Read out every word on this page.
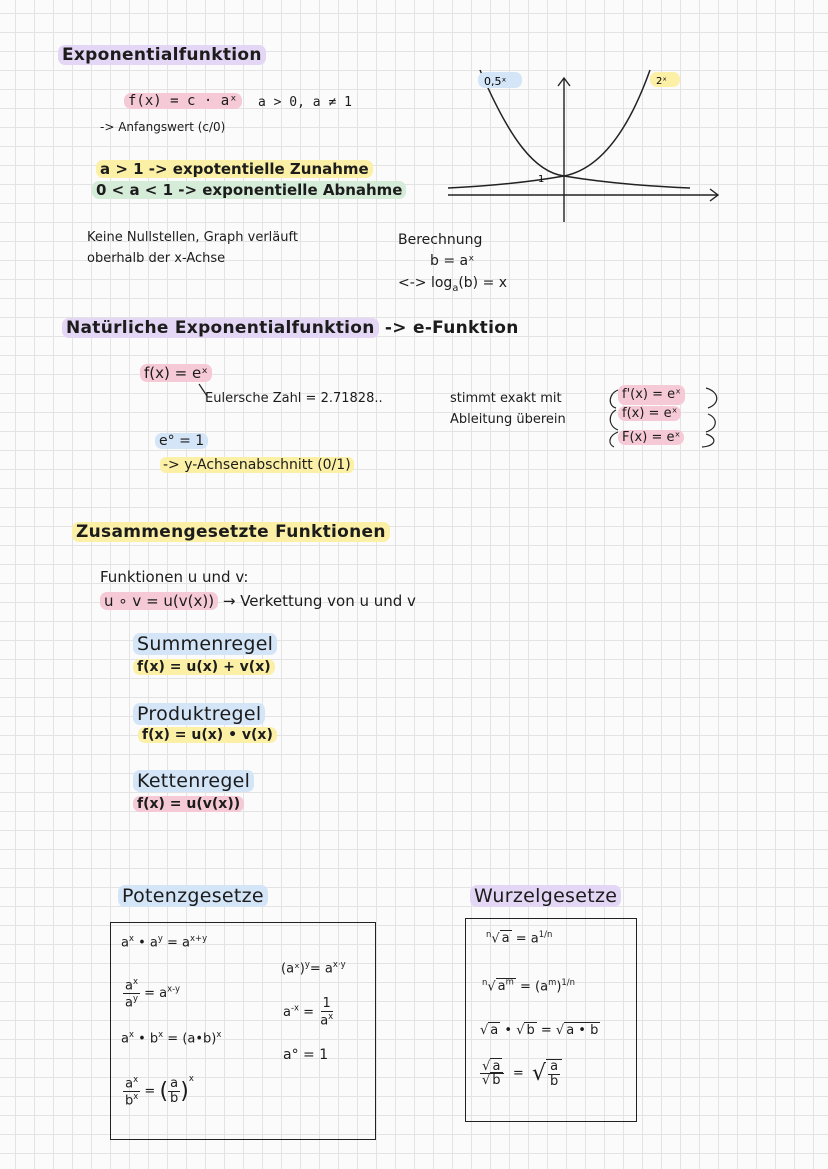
Exponentialfunktion
f(x) = c · aˣ	a > 0, a ≠ 1
-> Anfangswert (c/0)
a > 1 -> expotentielle Zunahme
0 < a < 1 -> exponentielle Abnahme
Keine Nullstellen, Graph verläuft
oberhalb der x-Achse
Berechnung
b = aˣ
<-> $\log_a(b) = x$
0,5ˣ	2ˣ
1
Natürliche Exponentialfunktion -> e-Funktion
f(x) = eˣ
Eulersche Zahl = 2.71828..	stimmt exakt mit
Ableitung überein
f'(x) = eˣ
f(x) = eˣ
F(x) = eˣ
e° = 1
-> y-Achsenabschnitt (0/1)
Zusammengesetzte Funktionen
Funktionen u und v:
u ∘ v = u(v(x)) → Verkettung von u und v
Summenregel
f(x) = u(x) + v(x)
Produktregel
f(x) = u(x) • v(x)
Kettenregel
f(x) = u(v(x))
Potenzgesetze
$a^x$ • $a^y = a^{x+y}$
$\frac{a^x}{a^y} = a^{x-y}$
(aˣ)$^y$= $a^{x\cdot y}$
$a^{-x} = \frac{1}{a^x}$
$a^x$ • $b^x$ = (a•b)$^x$
a° = 1
$\frac{a^x}{b^x}$ = ( $\frac{a}{b} )^x$
Wurzelgesetze
$^n$√ $a = a^{1/n}$
$^n$√ $a^m = (a^m)^{1/n}$
√ a • √ b = √ a • b
$\frac{√ a}{√ b}$ =  √ $\frac{a}{b}$
